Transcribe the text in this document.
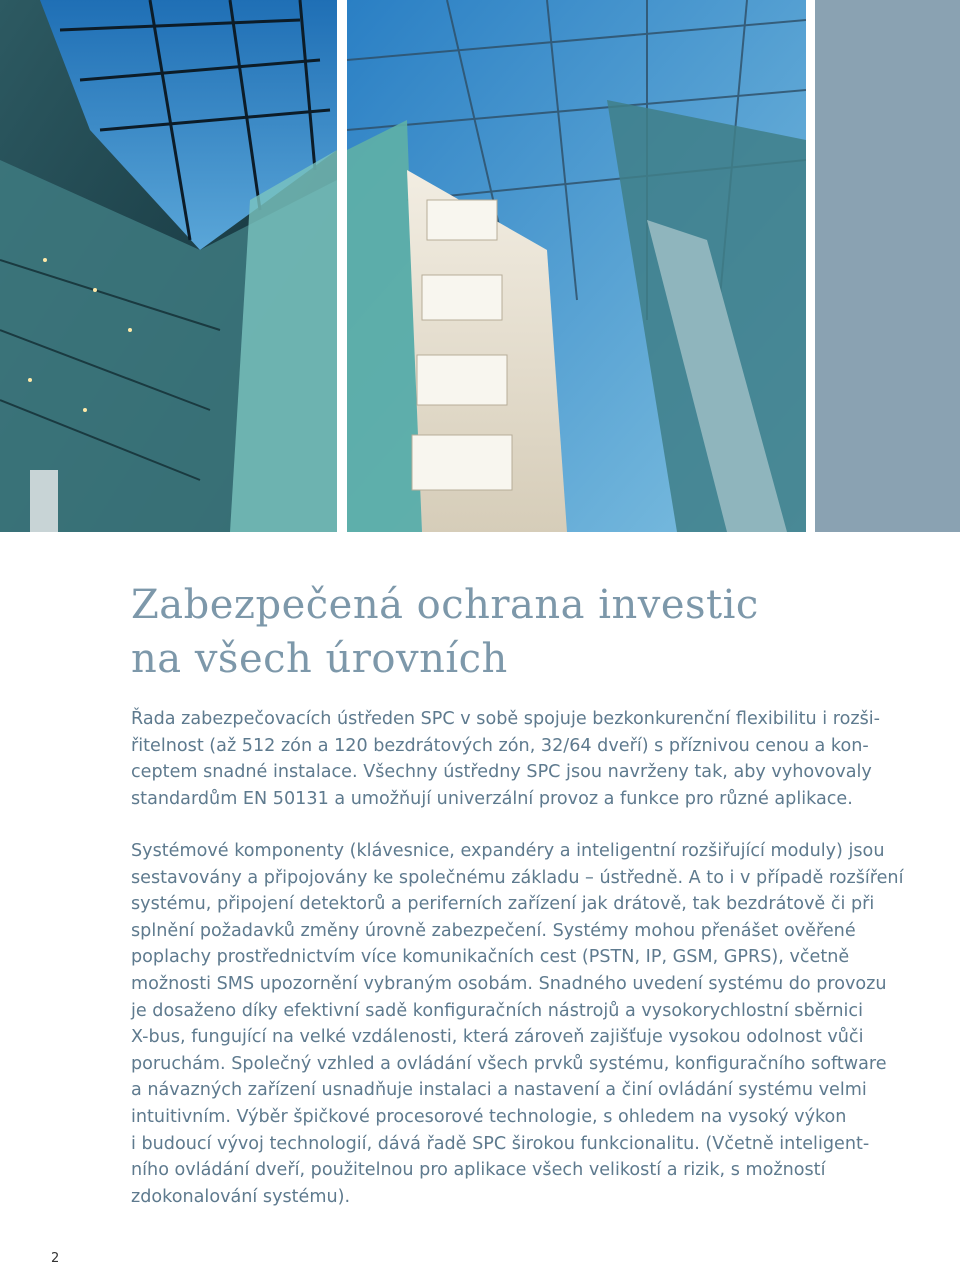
Zabezpečená ochrana investic
na všech úrovních

Řada zabezpečovacích ústředen SPC v sobě spojuje bezkonkurenční flexibilitu i rozši-
řitelnost (až 512 zón a 120 bezdrátových zón, 32/64 dveří) s příznivou cenou a kon-
ceptem snadné instalace. Všechny ústředny SPC jsou navrženy tak, aby vyhovovaly
standardům EN 50131 a umožňují univerzální provoz a funkce pro různé aplikace.

Systémové komponenty (klávesnice, expandéry a inteligentní rozšiřující moduly) jsou
sestavovány a připojovány ke společnému základu – ústředně. A to i v případě rozšíření
systému, připojení detektorů a periferních zařízení jak drátově, tak bezdrátově či při
splnění požadavků změny úrovně zabezpečení. Systémy mohou přenášet ověřené
poplachy prostřednictvím více komunikačních cest (PSTN, IP, GSM, GPRS), včetně
možnosti SMS upozornění vybraným osobám. Snadného uvedení systému do provozu
je dosaženo díky efektivní sadě konfiguračních nástrojů a vysokorychlostní sběrnici
X-bus, fungující na velké vzdálenosti, která zároveň zajišťuje vysokou odolnost vůči
poruchám. Společný vzhled a ovládání všech prvků systému, konfiguračního software
a návazných zařízení usnadňuje instalaci a nastavení a činí ovládání systému velmi
intuitivním. Výběr špičkové procesorové technologie, s ohledem na vysoký výkon
i budoucí vývoj technologií, dává řadě SPC širokou funkcionalitu. (Včetně inteligent-
ního ovládání dveří, použitelnou pro aplikace všech velikostí a rizik, s možností
zdokonalování systému).

2
